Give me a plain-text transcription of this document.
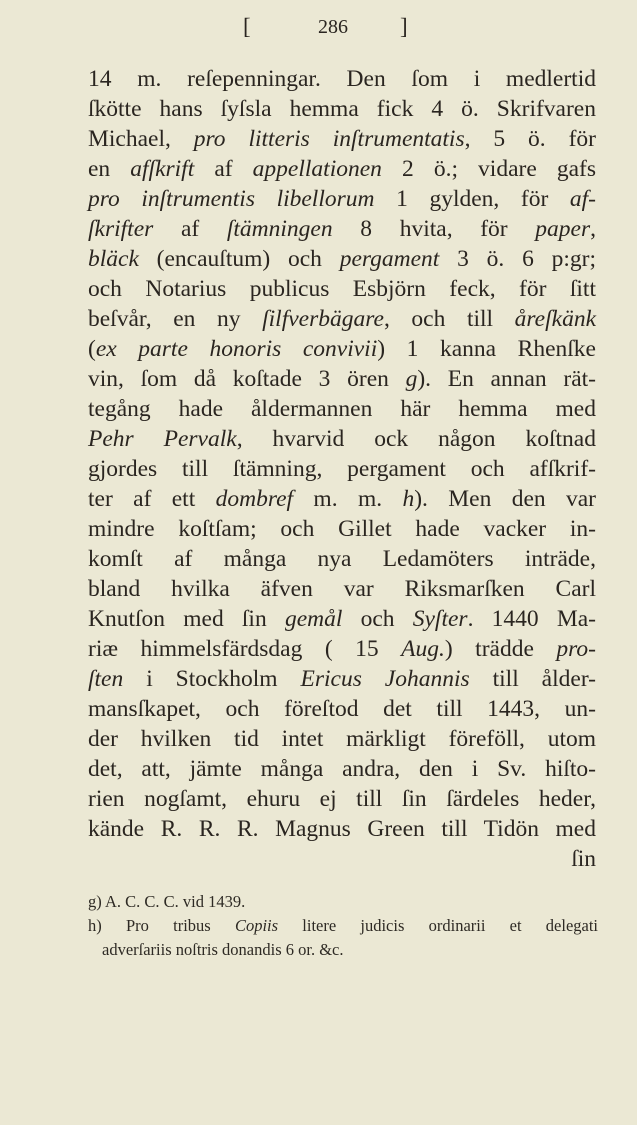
[	286 ]
14 m. reſepenningar. Den ſom i medlertid
ſkötte hans ſyſsla hemma fick 4 ö. Skrifvaren
Michael, pro litteris inſtrumentatis, 5 ö. för
en afſkrift af appellationen 2 ö.; vidare gafs
pro inſtrumentis libellorum 1 gylden, för af-
ſkrifter af ſtämningen 8 hvita, för paper,
bläck (encauſtum) och pergament 3 ö. 6 p:gr;
och Notarius publicus Esbjörn feck, för ſitt
beſvår, en ny ſilfverbägare, och till åreſkänk
(ex parte honoris convivii) 1 kanna Rhenſke
vin, ſom då koſtade 3 ören g). En annan rät-
tegång hade åldermannen här hemma med
Pehr Pervalk, hvarvid ock någon koſtnad
gjordes till ſtämning, pergament och afſkrif-
ter af ett dombref m. m. h). Men den var
mindre koſtſam; och Gillet hade vacker in-
komſt af många nya Ledamöters inträde,
bland hvilka äfven var Riksmarſken Carl
Knutſon med ſin gemål och Syſter. 1440 Ma-
riæ himmelsfärdsdag ( 15 Aug.) trädde pro-
ſten i Stockholm Ericus Johannis till ålder-
mansſkapet, och föreſtod det till 1443, un-
der hvilken tid intet märkligt föreföll, utom
det, att, jämte många andra, den i Sv. hiſto-
rien nogſamt, ehuru ej till ſin ſärdeles heder,
kände R. R. R. Magnus Green till Tidön med
ſin
g) A. C. C. C. vid 1439.
h) Pro tribus Copiis litere judicis ordinarii et delegati
adverſariis noſtris donandis 6 or. &c.
